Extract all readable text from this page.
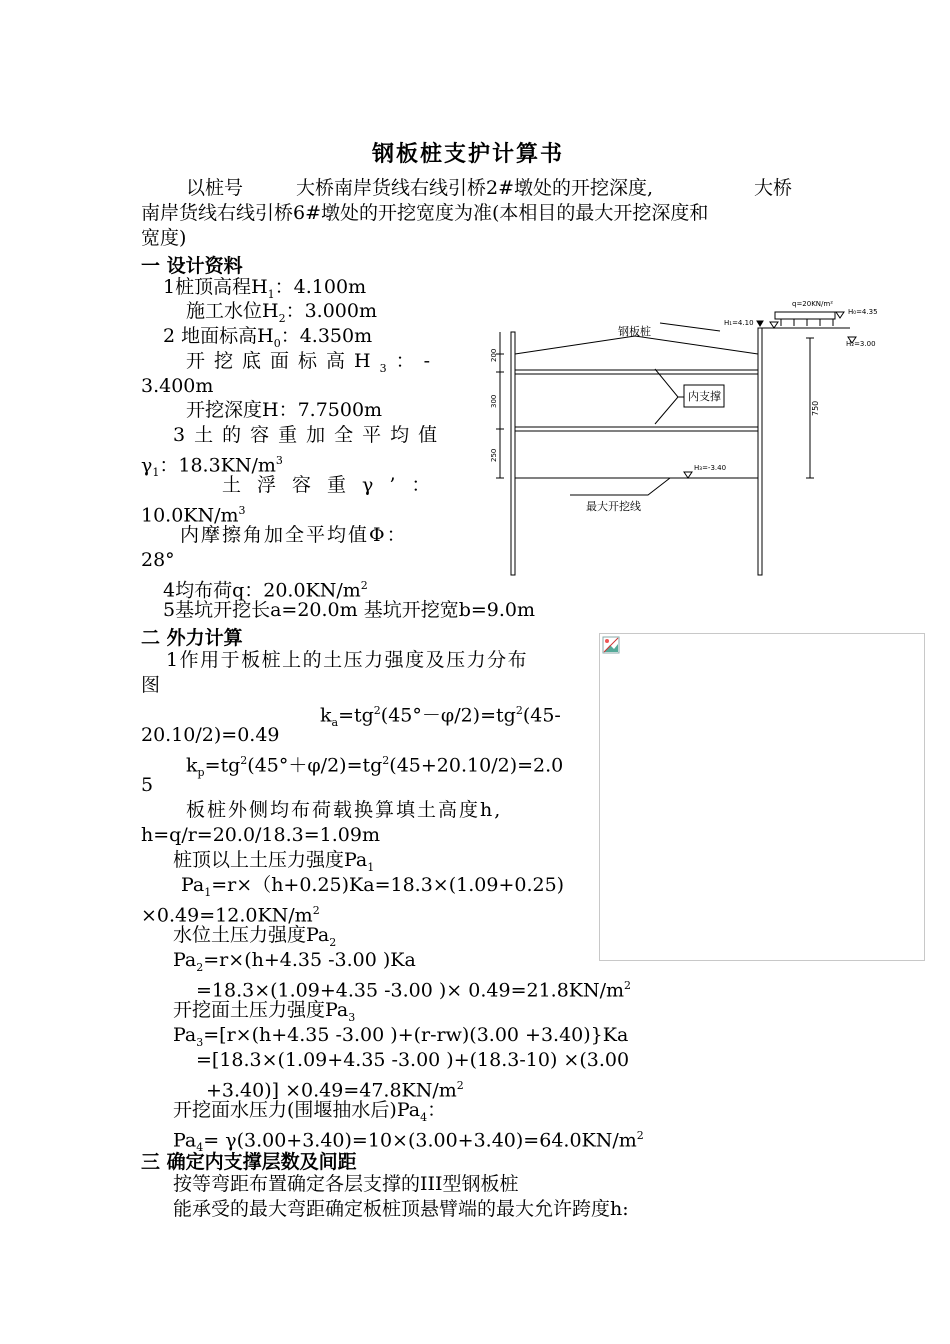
钢板桩支护计算书
以桩号	大桥南岸货线右线引桥2#墩处的开挖深度,	大桥
南岸货线右线引桥6#墩处的开挖宽度为准(本相目的最大开挖深度和
宽度)
一 设计资料
1桩顶高程$H_1$：4.100m
施工水位$H_2$：3.000m
2 地面标高$H_0$：4.350m
开挖底面标高$H_3$：-
3.400m
开挖深度H：7.7500m
3土的容重加全平均值
$\gamma_1$：$18.3KN/m^3$
土浮容重γ’：
$10.0KN/m^3$
内摩擦角加全平均值Φ：
28°
4均布荷q：$20.0KN/m^2$
5基坑开挖长a=20.0m 基坑开挖宽b=9.0m
钢板桩
内支撑
最大开挖线
q=20KN/m²
H₁=4.10
H₀=4.35
H₂=3.00
H₃=-3.40
200
300
250
750
二 外力计算
1作用于板桩上的土压力强度及压力分布
图
$k_a=tg^2(45^\circ-\varphi/2)=tg^2(45-$
20.10/2)=0.49
$k_p=tg^2(45^\circ+\varphi/2)=tg^2(45+20.10/2)=2.0$
5
板桩外侧均布荷载换算填土高度h,
h=q/r=20.0/18.3=1.09m
桩顶以上土压力强度$Pa_1$
$Pa_1=r\times(h+0.25)Ka=18.3\times(1.09+0.25)$
$\times 0.49=12.0KN/m^2$
水位土压力强度$Pa_2$
$Pa_2=r\times(h+4.35$ -3.00 )Ka
=18.3×(1.09+4.35 -3.00 )× $0.49=21.8KN/m^2$
开挖面土压力强度$Pa_3$
$Pa_3=[r\times(h+4.35$ -3.00 )+(r-rw)(3.00 +3.40)}Ka
=[18.3×(1.09+4.35 -3.00 )+(18.3-10) ×(3.00
$+3.40)] \times 0.49=47.8KN/m^2$
开挖面水压力(围堰抽水后)$Pa_4$：
$Pa_4= \gamma(3.00+3.40)=10\times(3.00+3.40)=64.0KN/m^2$
三 确定内支撑层数及间距
按等弯距布置确定各层支撑的III型钢板桩
能承受的最大弯距确定板桩顶悬臂端的最大允许跨度h:
